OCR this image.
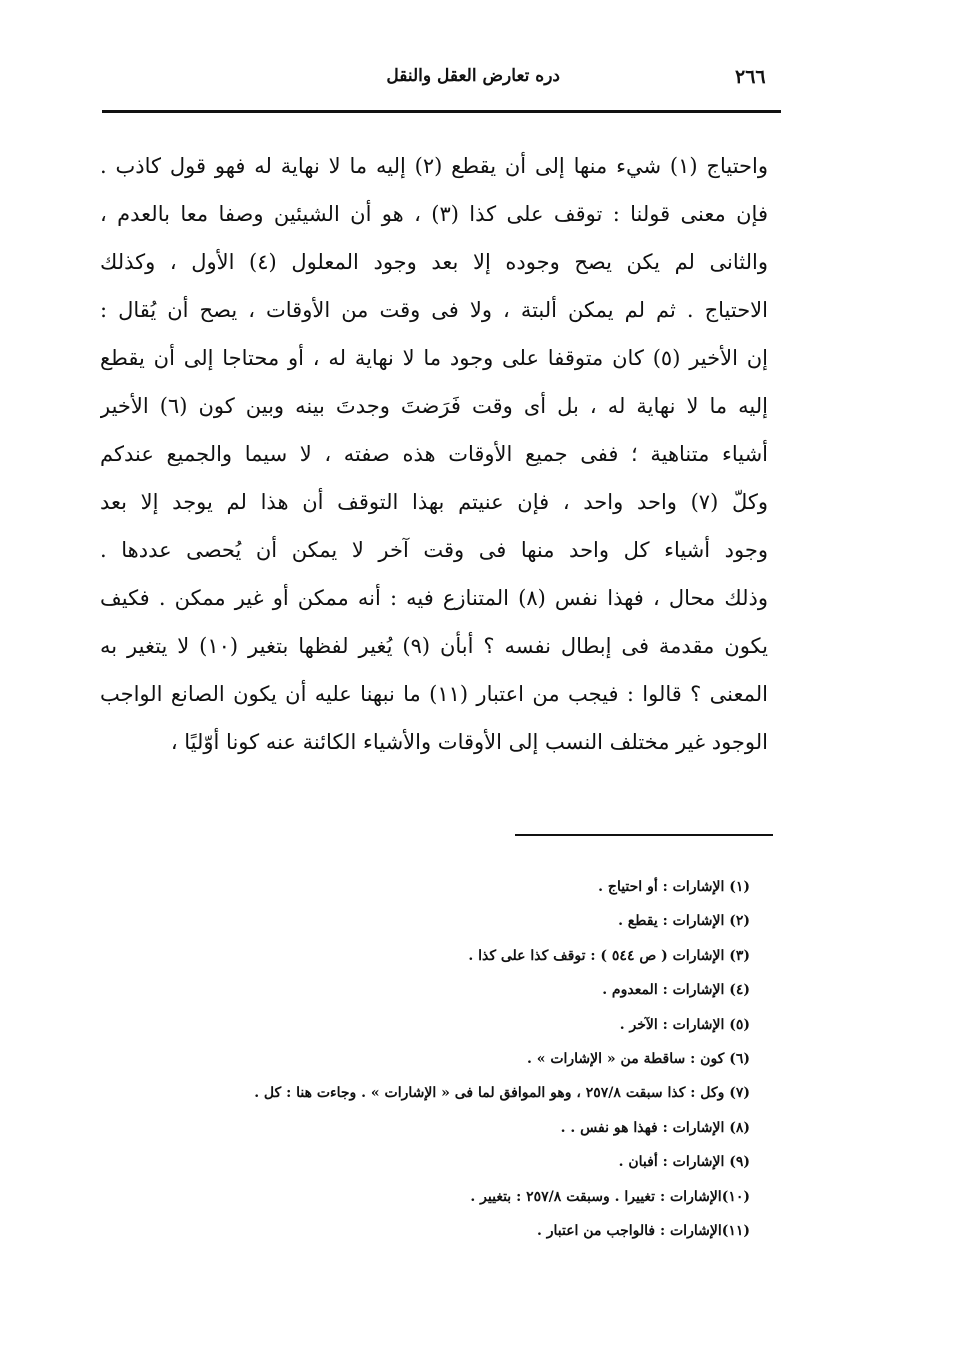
٢٦٦
دره تعارض العقل والنقل
واحتياج (١) شيء منها إلى أن يقطع (٢) إليه ما لا نهاية له فهو قول كاذب .
فإن معنى قولنا : توقف على كذا (٣) ، هو أن الشيئين وصفا معا بالعدم ،
والثانى لم يكن يصح وجوده إلا بعد وجود المعلول (٤) الأول ، وكذلك
الاحتياج . ثم لم يمكن ألبتة ، ولا فى وقت من الأوقات ، يصح أن يُقال :
إن الأخير (٥) كان متوقفا على وجود ما لا نهاية له ، أو محتاجا إلى أن يقطع
إليه ما لا نهاية له ، بل أى وقت فَرَضتَ وجدتَ بينه وبين كون (٦) الأخير
أشياء متناهية ؛ ففى جميع الأوقات هذه صفته ، لا سيما والجميع عندكم
وكلّ (٧) واحد واحد ، فإن عنيتم بهذا التوقف أن هذا لم يوجد إلا بعد
وجود أشياء كل واحد منها فى وقت آخر لا يمكن أن يُحصى عددها .
وذلك محال ، فهذا نفس (٨) المتنازع فيه : أنه ممكن أو غير ممكن . فكيف
يكون مقدمة فى إبطال نفسه ؟ أبأن (٩) يُغير لفظها بتغير (١٠) لا يتغير به
المعنى ؟ قالوا : فيجب من اعتبار (١١) ما نبهنا عليه أن يكون الصانع الواجب
الوجود غير مختلف النسب إلى الأوقات والأشياء الكائنة عنه كونا أوّليًا ،
(١) الإشارات : أو احتياج .
(٢) الإشارات : يقطع .
(٣) الإشارات ( ص ٥٤٤ ) : توقف كذا على كذا .
(٤) الإشارات : المعدوم .
(٥) الإشارات : الآخر .
(٦) كون : ساقطة من « الإشارات » .
(٧) وكل : كذا سبقت ٢٥٧/٨ ، وهو الموافق لما فى « الإشارات » . وجاءت هنا : كل .
(٨) الإشارات : فهذا هو نفس . .
(٩) الإشارات : أفبان .
(١٠)الإشارات : تغييرا . وسبقت ٢٥٧/٨ : بتغيير .
(١١)الإشارات : فالواجب من اعتبار .
